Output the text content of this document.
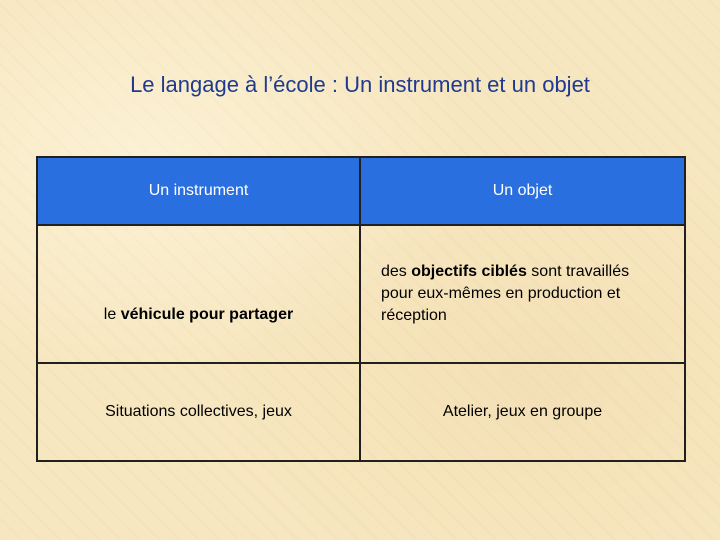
Le langage à l’école : Un instrument et un objet
Un instrument	Un objet
le véhicule pour partager	des objectifs ciblés sont travaillés pour eux-mêmes en production et réception
Situations collectives, jeux	Atelier, jeux en groupe
